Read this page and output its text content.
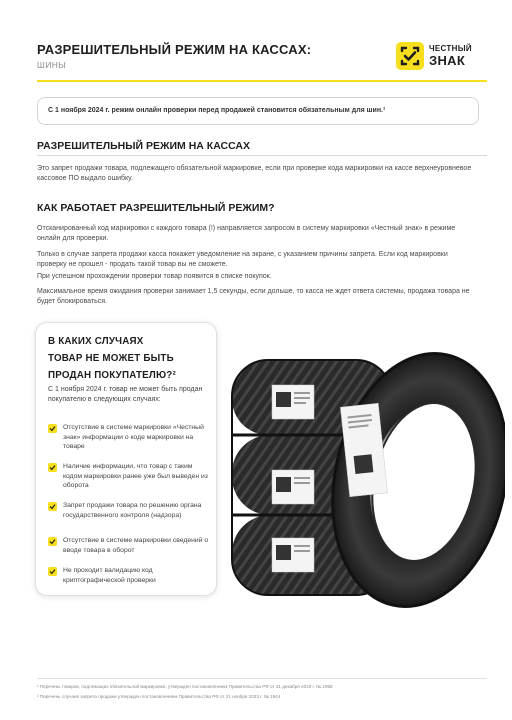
РАЗРЕШИТЕЛЬНЫЙ РЕЖИМ НА КАССАХ:
ШИНЫ
ЧЕСТНЫЙ
ЗНАК
С 1 ноября 2024 г. режим онлайн проверки перед продажей становится обязательным для шин.¹
РАЗРЕШИТЕЛЬНЫЙ РЕЖИМ НА КАССАХ
Это запрет продажи товара, подлежащего обязательной маркировке, если при проверке кода маркировки на кассе верхнеуровневое кассовое ПО выдало ошибку.
КАК РАБОТАЕТ РАЗРЕШИТЕЛЬНЫЙ РЕЖИМ?
Отсканированный код маркировки с каждого товара (!) направляется запросом в систему маркировки «Честный знак» в режиме онлайн для проверки.
Только в случае запрета продажи касса покажет уведомление на экране, с указанием причины запрета. Если код маркировки проверку не прошел - продать такой товар вы не сможете.
При успешном прохождении проверки товар появится в списке покупок.
Максимальное время ожидания проверки занимает 1,5 секунды, если дольше, то касса не ждет ответа системы, продажа товара не будет блокироваться.
В КАКИХ СЛУЧАЯХ
ТОВАР НЕ МОЖЕТ БЫТЬ
ПРОДАН ПОКУПАТЕЛЮ?²
С 1 ноября 2024 г. товар не может быть продан покупателю в следующих случаях:
Отсутствие в системе маркировки «Честный знак» информации о коде маркировки на товаре
Наличие информации, что товар с таким кодом маркировки ранее уже был выведен из оборота
Запрет продажи товара по решению органа государственного контроля (надзора)
Отсутствие в системе маркировки сведений о вводе товара в оборот
Не проходит валидацию код криптографической проверки
¹ Перечень товаров, подлежащих обязательной маркировке, утвержден постановлением Правительства РФ от 31 декабря 2019 г. № 1958
² Перечень случаев запрета продажи утвержден постановлением Правительства РФ от 21 ноября 2023 г. № 1944
